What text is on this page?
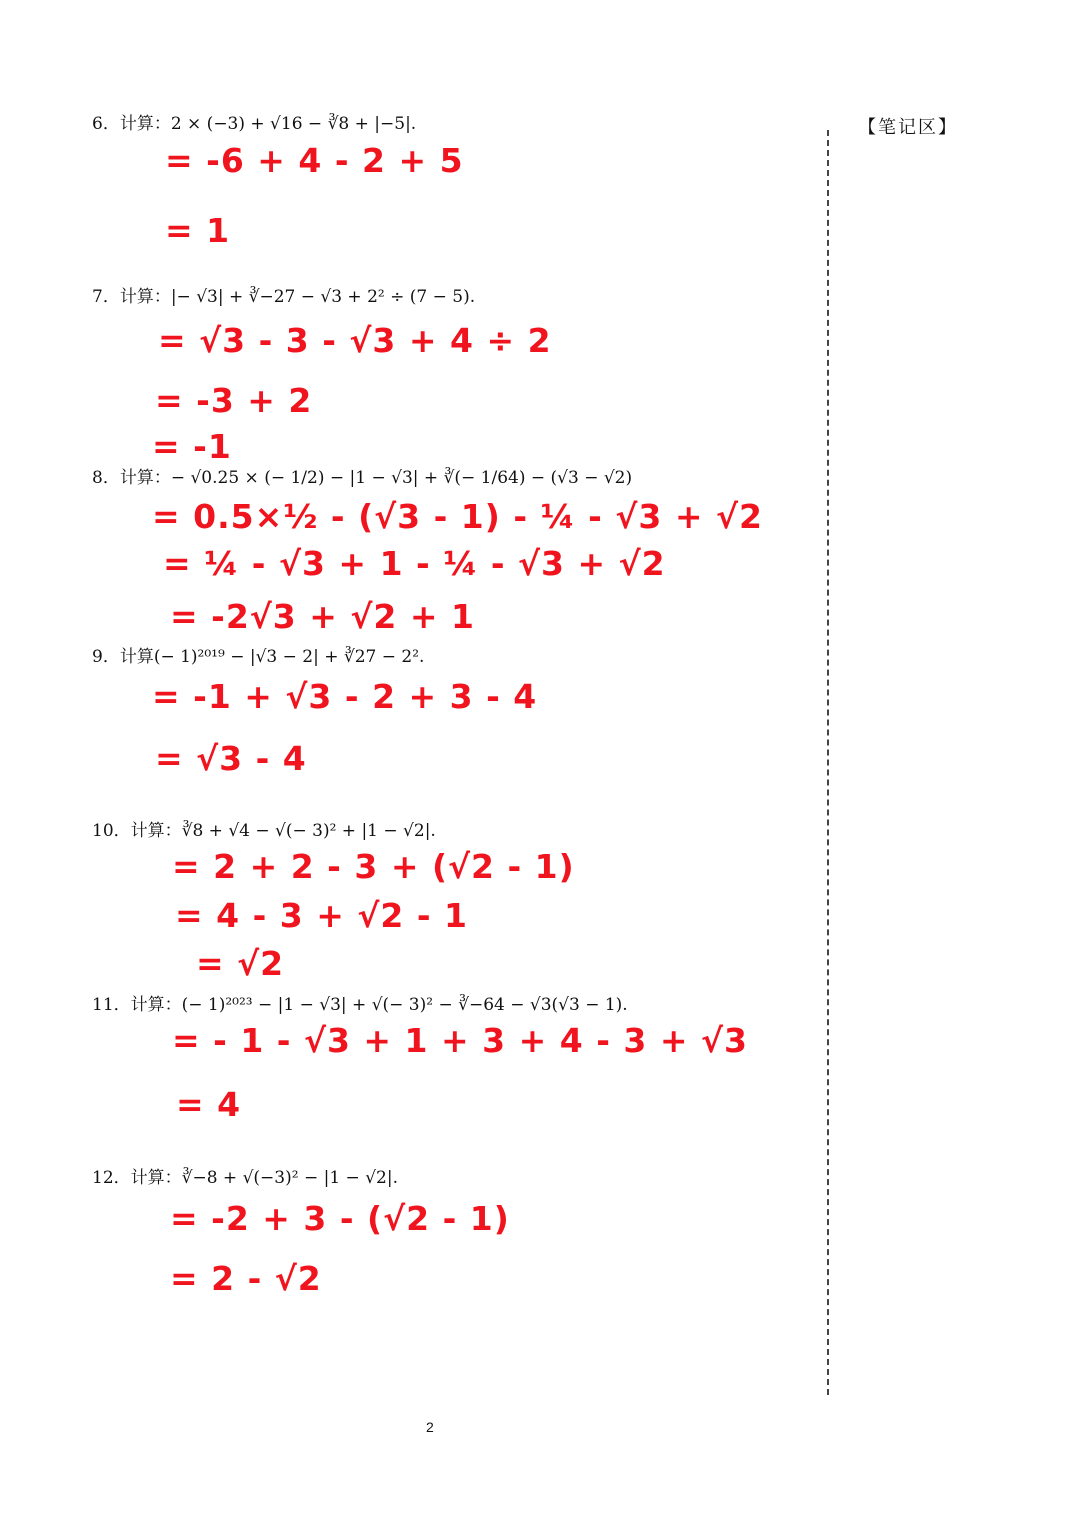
【笔记区】
6．计算：2 × (−3) + √16 − ∛8 + |−5|.
= -6 + 4 - 2 + 5
= 1
7．计算：|− √3| + ∛−27 − √3 + 2² ÷ (7 − 5).
= √3 - 3 - √3 + 4 ÷ 2
= -3 + 2
= -1
8．计算：− √0.25 × (− 1/2) − |1 − √3| + ∛(− 1/64) − (√3 − √2)
= 0.5×½ - (√3 - 1) - ¼ - √3 + √2
= ¼ - √3 + 1 - ¼ - √3 + √2
= -2√3 + √2 + 1
9．计算(− 1)²⁰¹⁹ − |√3 − 2| + ∛27 − 2².
= -1 + √3 - 2 + 3 - 4
= √3 - 4
10．计算：∛8 + √4 − √(− 3)² + |1 − √2|.
= 2 + 2 - 3 + (√2 - 1)
= 4 - 3 + √2 - 1
= √2
11．计算：(− 1)²⁰²³ − |1 − √3| + √(− 3)² − ∛−64 − √3(√3 − 1).
= - 1 - √3 + 1 + 3 + 4 - 3 + √3
= 4
12．计算：∛−8 + √(−3)² − |1 − √2|.
= -2 + 3 - (√2 - 1)
= 2 - √2
2
